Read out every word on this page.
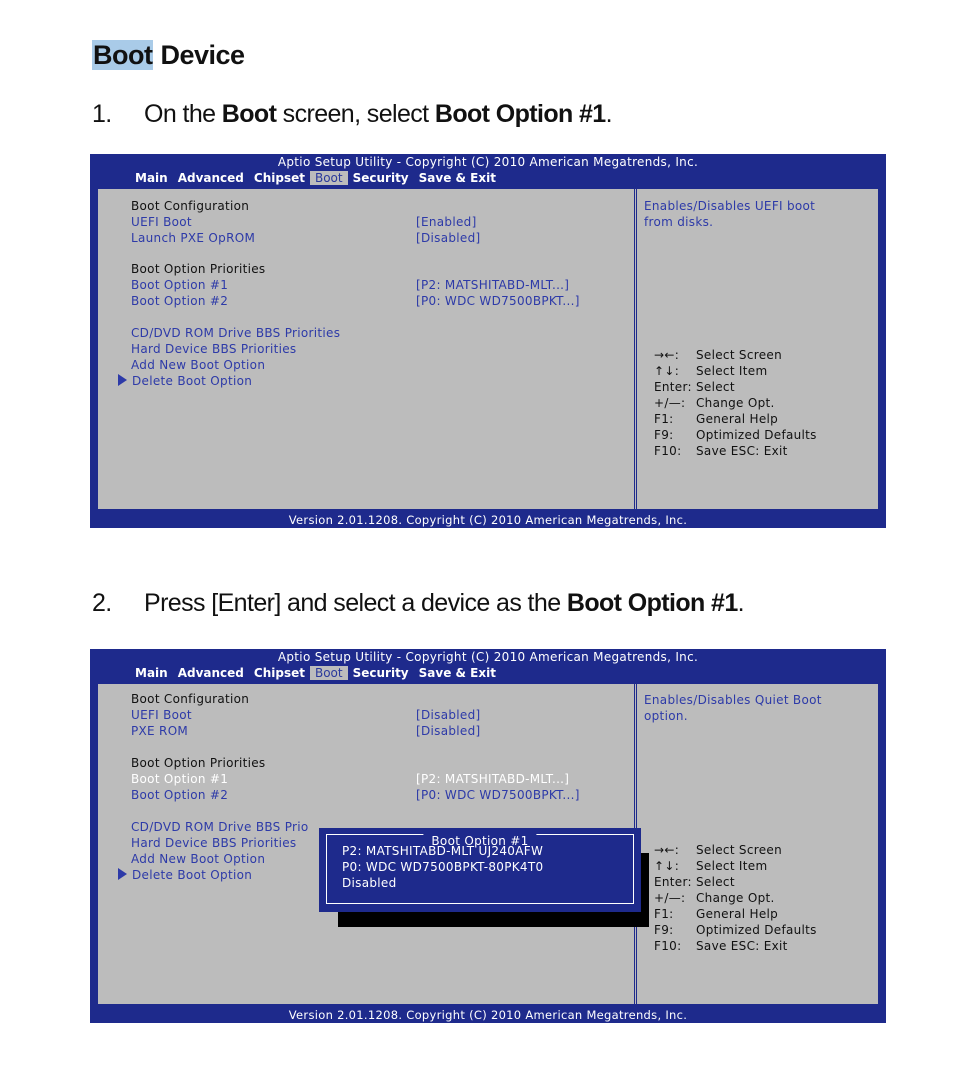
Boot Device
1. On the Boot screen, select Boot Option #1.
Aptio Setup Utility - Copyright (C) 2010 American Megatrends, Inc.
Main Advanced Chipset Boot Security Save & Exit
Boot Configuration
UEFI Boot	[Enabled]
Launch PXE OpROM	[Disabled]
Boot Option Priorities
Boot Option #1	[P2: MATSHITABD-MLT...]
Boot Option #2	[P0: WDC WD7500BPKT...]
CD/DVD ROM Drive BBS Priorities
Hard Device BBS Priorities
Add New Boot Option
Delete Boot Option
Enables/Disables UEFI boot
from disks.
→←: Select Screen
↑↓: Select Item
Enter: Select
+/—: Change Opt.
F1: General Help
F9: Optimized Defaults
F10: Save ESC: Exit
Version 2.01.1208. Copyright (C) 2010 American Megatrends, Inc.
2. Press [Enter] and select a device as the Boot Option #1.
Aptio Setup Utility - Copyright (C) 2010 American Megatrends, Inc.
Main Advanced Chipset Boot Security Save & Exit
Boot Configuration
UEFI Boot	[Disabled]
PXE ROM	[Disabled]
Boot Option Priorities
Boot Option #1	[P2: MATSHITABD-MLT...]
Boot Option #2	[P0: WDC WD7500BPKT...]
CD/DVD ROM Drive BBS Prio
Hard Device BBS Priorities
Add New Boot Option
Delete Boot Option
Enables/Disables Quiet Boot
option.
→←: Select Screen
↑↓: Select Item
Enter: Select
+/—: Change Opt.
F1: General Help
F9: Optimized Defaults
F10: Save ESC: Exit
Version 2.01.1208. Copyright (C) 2010 American Megatrends, Inc.
Boot Option #1
P2: MATSHITABD-MLT UJ240AFW
P0: WDC WD7500BPKT-80PK4T0
Disabled
